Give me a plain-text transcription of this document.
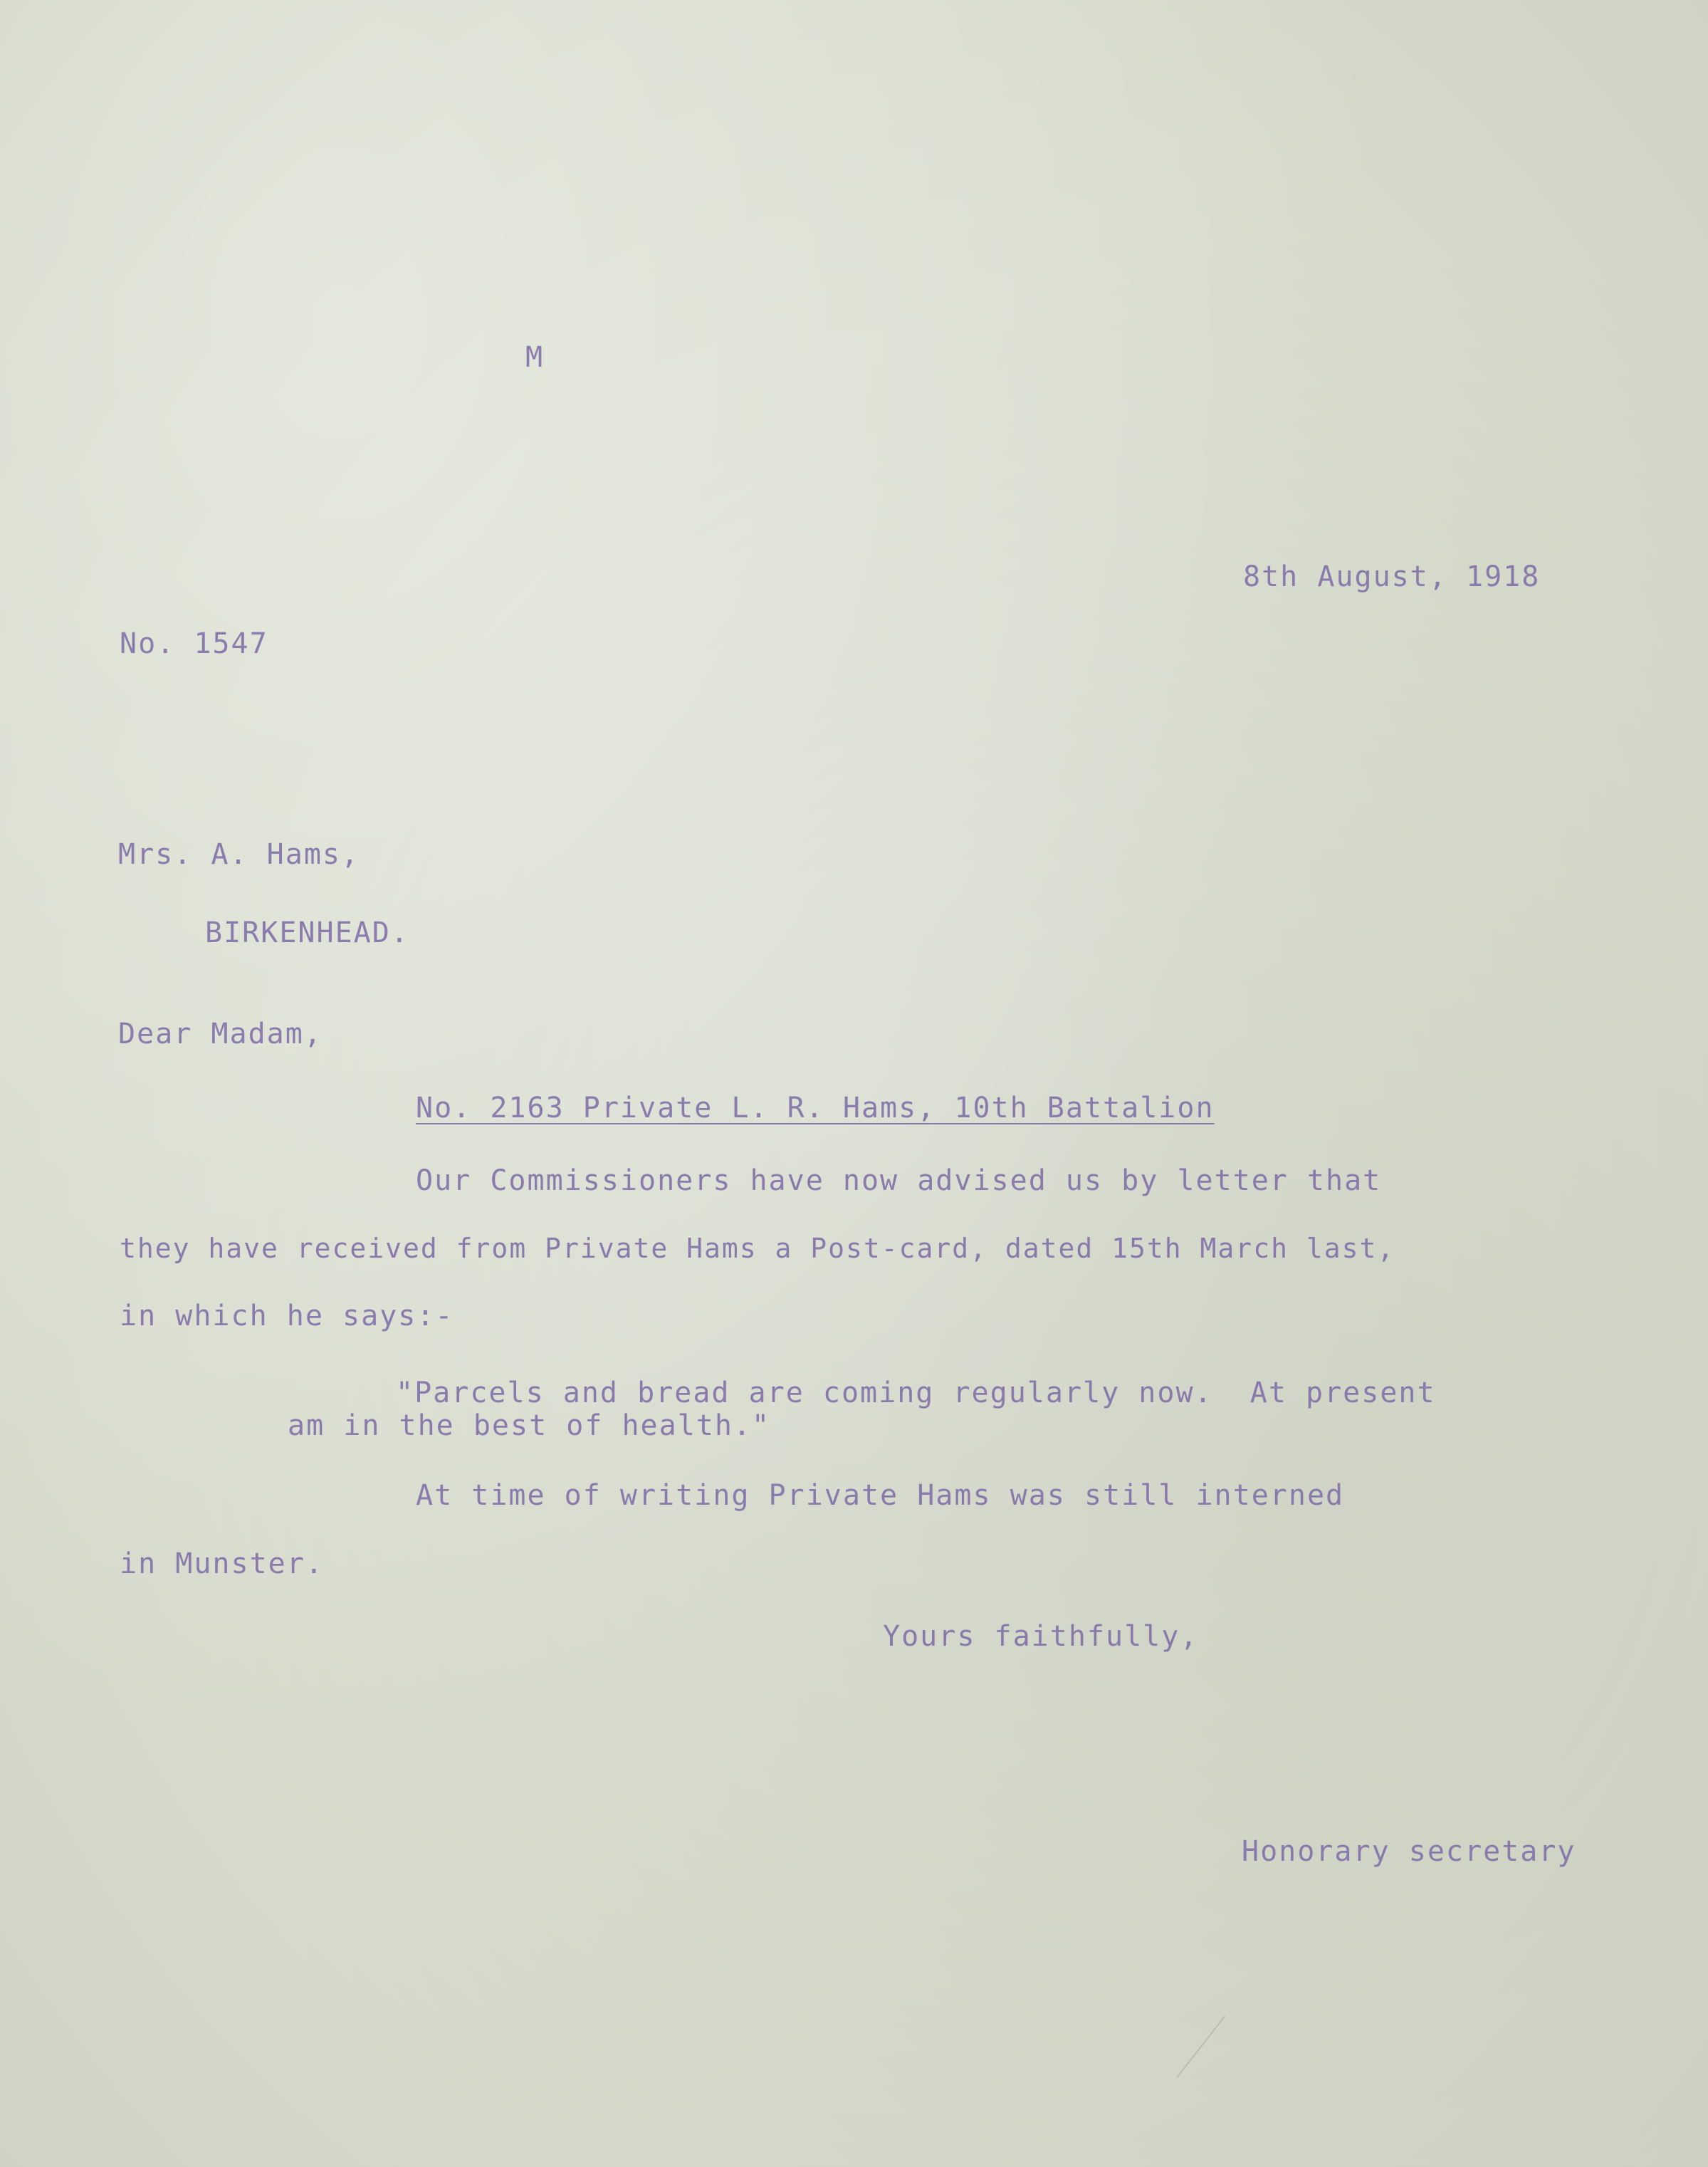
M
8th August, 1918
No. 1547
Mrs. A. Hams,
BIRKENHEAD.
Dear Madam,
No. 2163 Private L. R. Hams, 10th Battalion
Our Commissioners have now advised us by letter that
they have received from Private Hams a Post-card, dated 15th March last,
in which he says:-
"Parcels and bread are coming regularly now.  At present
am in the best of health."
At time of writing Private Hams was still interned
in Munster.
Yours faithfully,
Honorary secretary
